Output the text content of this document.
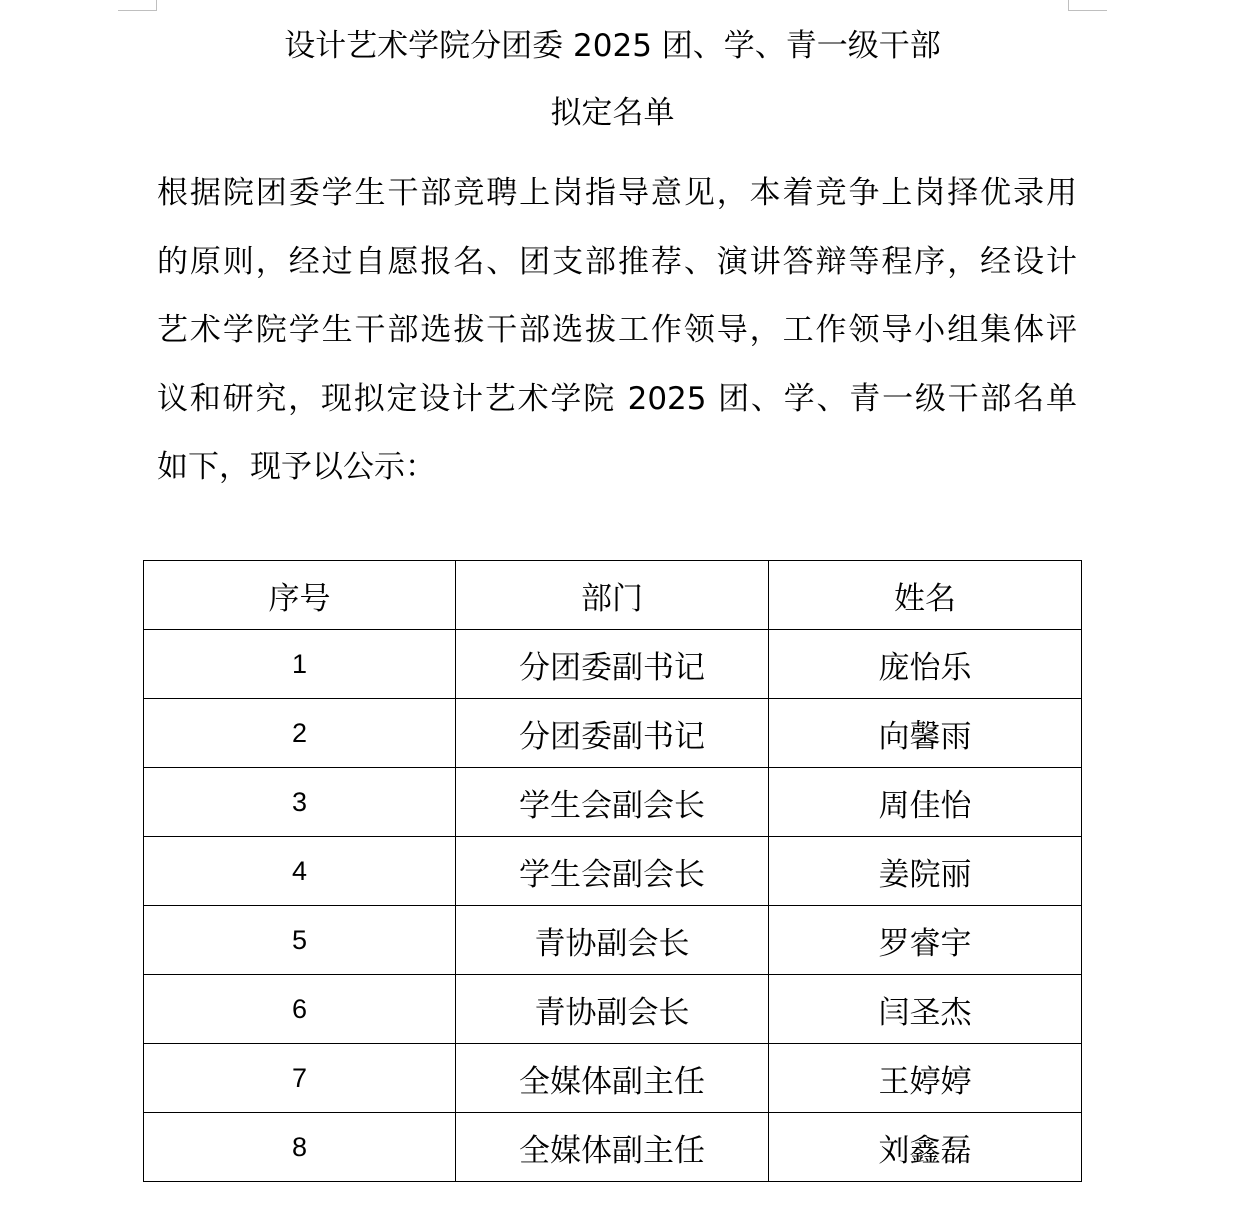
设计艺术学院分团委 2025 团、学、青一级干部
拟定名单
根据院团委学生干部竞聘上岗指导意见，本着竞争上岗择优录用
的原则，经过自愿报名、团支部推荐、演讲答辩等程序，经设计
艺术学院学生干部选拔干部选拔工作领导，工作领导小组集体评
议和研究，现拟定设计艺术学院 2025 团、学、青一级干部名单
如下，现予以公示：
序号	部门	姓名
1	分团委副书记	庞怡乐
2	分团委副书记	向馨雨
3	学生会副会长	周佳怡
4	学生会副会长	姜院丽
5	青协副会长	罗睿宇
6	青协副会长	闫圣杰
7	全媒体副主任	王婷婷
8	全媒体副主任	刘鑫磊
